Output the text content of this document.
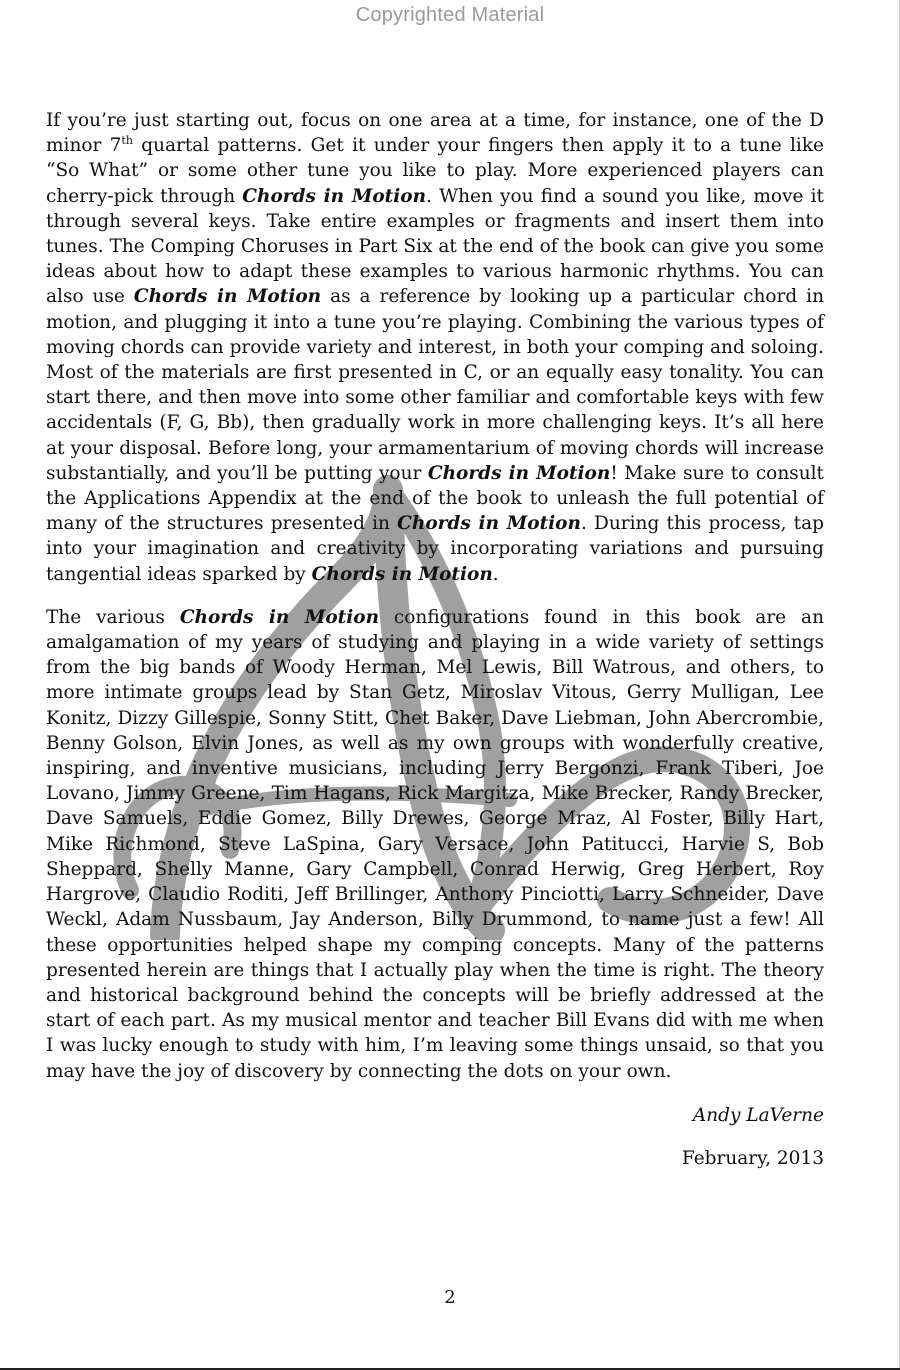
Copyrighted Material

If you’re just starting out, focus on one area at a time, for instance, one of the D minor 7th quartal patterns. Get it under your fingers then apply it to a tune like “So What” or some other tune you like to play. More experienced players can cherry-pick through Chords in Motion. When you find a sound you like, move it through several keys. Take entire examples or fragments and insert them into tunes. The Comping Choruses in Part Six at the end of the book can give you some ideas about how to adapt these examples to various harmonic rhythms. You can also use Chords in Motion as a reference by looking up a particular chord in motion, and plugging it into a tune you’re playing. Combining the various types of moving chords can provide variety and interest, in both your comping and soloing. Most of the materials are first presented in C, or an equally easy tonality. You can start there, and then move into some other familiar and comfortable keys with few accidentals (F, G, Bb), then gradually work in more challenging keys. It’s all here at your disposal. Before long, your armamentarium of moving chords will increase substantially, and you’ll be putting your Chords in Motion! Make sure to consult the Applications Appendix at the end of the book to unleash the full potential of many of the structures presented in Chords in Motion. During this process, tap into your imagination and creativity by incorporating variations and pursuing tangential ideas sparked by Chords in Motion.

The various Chords in Motion configurations found in this book are an amalgamation of my years of studying and playing in a wide variety of settings from the big bands of Woody Herman, Mel Lewis, Bill Watrous, and others, to more intimate groups lead by Stan Getz, Miroslav Vitous, Gerry Mulligan, Lee Konitz, Dizzy Gillespie, Sonny Stitt, Chet Baker, Dave Liebman, John Abercrombie, Benny Golson, Elvin Jones, as well as my own groups with wonderfully creative, inspiring, and inventive musicians, including Jerry Bergonzi, Frank Tiberi, Joe Lovano, Jimmy Greene, Tim Hagans, Rick Margitza, Mike Brecker, Randy Brecker, Dave Samuels, Eddie Gomez, Billy Drewes, George Mraz, Al Foster, Billy Hart, Mike Richmond, Steve LaSpina, Gary Versace, John Patitucci, Harvie S, Bob Sheppard, Shelly Manne, Gary Campbell, Conrad Herwig, Greg Herbert, Roy Hargrove, Claudio Roditi, Jeff Brillinger, Anthony Pinciotti, Larry Schneider, Dave Weckl, Adam Nussbaum, Jay Anderson, Billy Drummond, to name just a few! All these opportunities helped shape my comping concepts. Many of the patterns presented herein are things that I actually play when the time is right. The theory and historical background behind the concepts will be briefly addressed at the start of each part. As my musical mentor and teacher Bill Evans did with me when I was lucky enough to study with him, I’m leaving some things unsaid, so that you may have the joy of discovery by connecting the dots on your own.

Andy LaVerne
February, 2013
2
